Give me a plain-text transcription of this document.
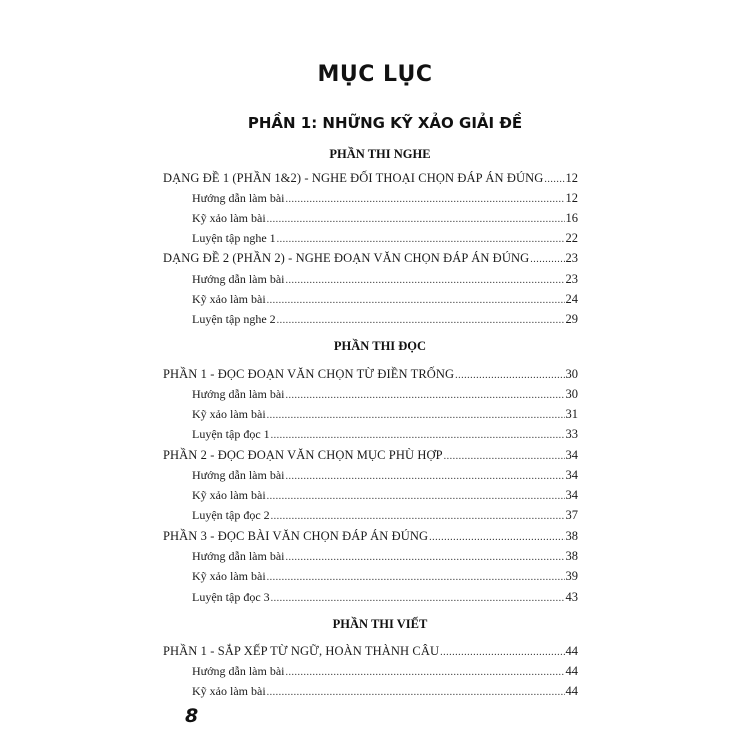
MỤC LỤC
PHẦN 1: NHỮNG KỸ XẢO GIẢI ĐỀ
PHẦN THI NGHE
DẠNG ĐỀ 1 (PHẦN 1&2) - NGHE ĐỐI THOẠI CHỌN ĐÁP ÁN ĐÚNG ..... 12
Hướng dẫn làm bài .....	12
Kỹ xảo làm bài .....	16
Luyện tập nghe 1 .....	22
DẠNG ĐỀ 2 (PHẦN 2) - NGHE ĐOẠN VĂN CHỌN ĐÁP ÁN ĐÚNG .....	23
Hướng dẫn làm bài .....	23
Kỹ xảo làm bài .....	24
Luyện tập nghe 2 .....	29
PHẦN THI ĐỌC
PHẦN 1 - ĐỌC ĐOẠN VĂN CHỌN TỪ ĐIỀN TRỐNG .....	30
Hướng dẫn làm bài .....	30
Kỹ xảo làm bài .....	31
Luyện tập đọc 1 .....	33
PHẦN 2 - ĐỌC ĐOẠN VĂN CHỌN MỤC PHÙ HỢP .....	34
Hướng dẫn làm bài .....	34
Kỹ xảo làm bài .....	34
Luyện tập đọc 2 .....	37
PHẦN 3 - ĐỌC BÀI VĂN CHỌN ĐÁP ÁN ĐÚNG .....	38
Hướng dẫn làm bài .....	38
Kỹ xảo làm bài .....	39
Luyện tập đọc 3 .....	43
PHẦN THI VIẾT
PHẦN 1 - SẮP XẾP TỪ NGỮ, HOÀN THÀNH CÂU .....	44
Hướng dẫn làm bài .....	44
Kỹ xảo làm bài .....	44
8
